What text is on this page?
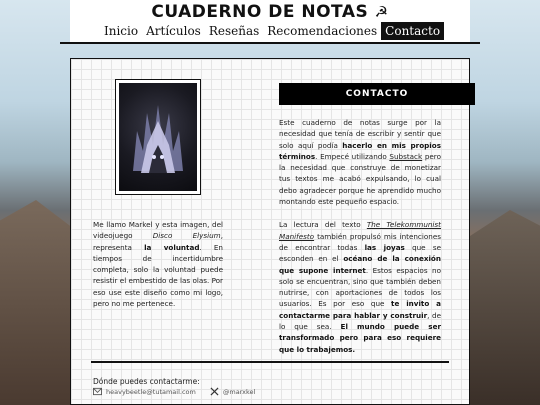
CUADERNO DE NOTAS ☭
Inicio Artículos Reseñas Recomendaciones Contacto
Me llamo Markel y esta imagen, del videojuego Disco Elysium, representa la voluntad. En tiempos de incertidumbre completa, solo la voluntad puede resistir el embestido de las olas. Por eso use este diseño como mi logo, pero no me pertenece.
CONTACTO
Este cuaderno de notas surge por la necesidad que tenía de escribir y sentir que solo aquí podía hacerlo en mis propios términos. Empecé utilizando Substack pero la necesidad que construye de monetizar tus textos me acabó expulsando, lo cual debo agradecer porque he aprendido mucho montando este pequeño espacio.
La lectura del texto The Telekommunist Manifesto también propulsó mis intenciones de encontrar todas las joyas que se esconden en el océano de la conexión que supone internet. Estos espacios no solo se encuentran, sino que también deben nutrirse, con aportaciones de todos los usuarios. Es por eso que te invito a contactarme para hablar y construir, de lo que sea. El mundo puede ser transformado pero para eso requiere que lo trabajemos.
Dónde puedes contactarme:
heavybeetle@tutamail.com	@marxkel
